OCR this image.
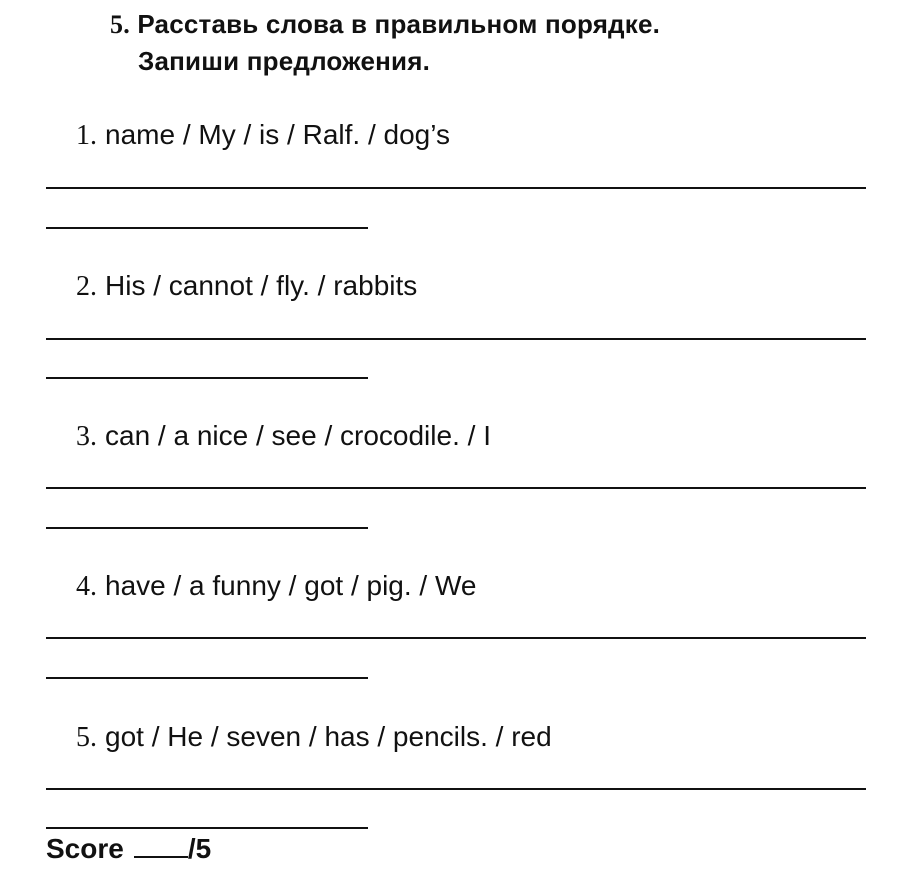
5. Расставь слова в правильном порядке.
Запиши предложения.
1. name / My / is / Ralf. / dog’s
2. His / cannot / fly. / rabbits
3. can / a nice / see / crocodile. / I
4. have / a funny / got / pig. / We
5. got / He / seven / has / pencils. / red
Score /5
